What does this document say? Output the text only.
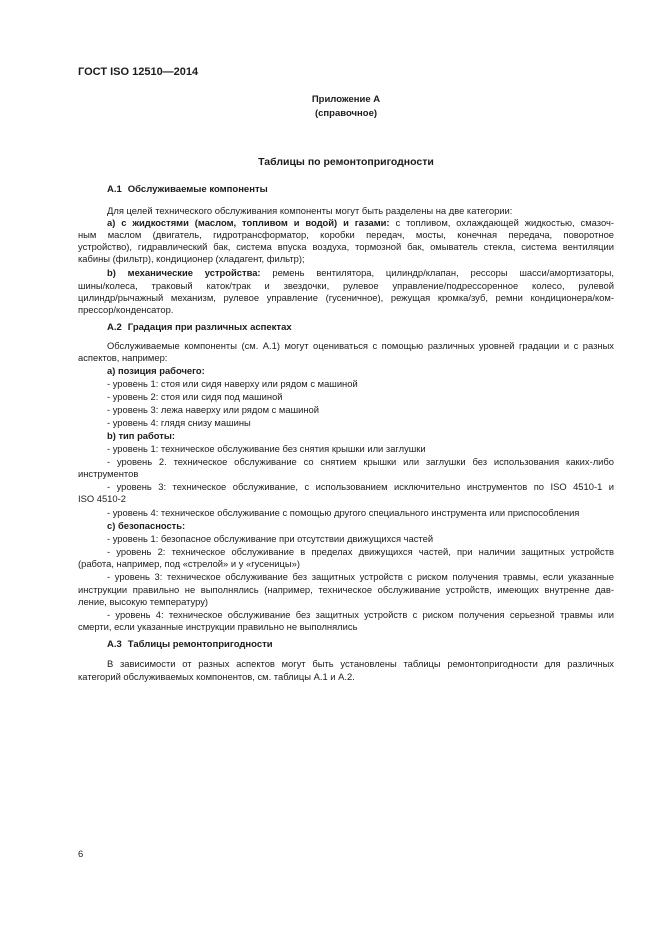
ГОСТ ISO 12510—2014
Приложение А
(справочное)
Таблицы по ремонтопригодности
А.1 Обслуживаемые компоненты
Для целей технического обслуживания компоненты могут быть разделены на две категории:
а) с жидкостями (маслом, топливом и водой) и газами: с топливом, охлаждающей жидкостью, смазоч-
ным маслом (двигатель, гидротрансформатор, коробки передач, мосты, конечная передача, поворотное
устройство), гидравлический бак, система впуска воздуха, тормозной бак, омыватель стекла, система вентиляции
кабины (фильтр), кондиционер (хладагент, фильтр);
b) механические устройства: ремень вентилятора, цилиндр/клапан, рессоры шасси/амортизаторы,
шины/колеса, траковый каток/трак и звездочки, рулевое управление/подрессоренное колесо, рулевой
цилиндр/рычажный механизм, рулевое управление (гусеничное), режущая кромка/зуб, ремни кондиционера/ком-
прессор/конденсатор.
А.2 Градация при различных аспектах
Обслуживаемые компоненты (см. А.1) могут оцениваться с помощью различных уровней градации и с разных
аспектов, например:
а) позиция рабочего:
- уровень 1: стоя или сидя наверху или рядом с машиной
- уровень 2: стоя или сидя под машиной
- уровень 3: лежа наверху или рядом с машиной
- уровень 4: глядя снизу машины
b) тип работы:
- уровень 1: техническое обслуживание без снятия крышки или заглушки
- уровень 2. техническое обслуживание со снятием крышки или заглушки без использования каких-либо
инструментов
- уровень 3: техническое обслуживание, с использованием исключительно инструментов по ISO 4510-1 и
ISO 4510-2
- уровень 4: техническое обслуживание с помощью другого специального инструмента или приспособления
с) безопасность:
- уровень 1: безопасное обслуживание при отсутствии движущихся частей
- уровень 2: техническое обслуживание в пределах движущихся частей, при наличии защитных устройств
(работа, например, под «стрелой» и у «гусеницы»)
- уровень 3: техническое обслуживание без защитных устройств с риском получения травмы, если указанные
инструкции правильно не выполнялись (например, техническое обслуживание устройств, имеющих внутренне дав-
ление, высокую температуру)
- уровень 4: техническое обслуживание без защитных устройств с риском получения серьезной травмы или
смерти, если указанные инструкции правильно не выполнялись
А.3 Таблицы ремонтопригодности
В зависимости от разных аспектов могут быть установлены таблицы ремонтопригодности для различных
категорий обслуживаемых компонентов, см. таблицы А.1 и А.2.
6
